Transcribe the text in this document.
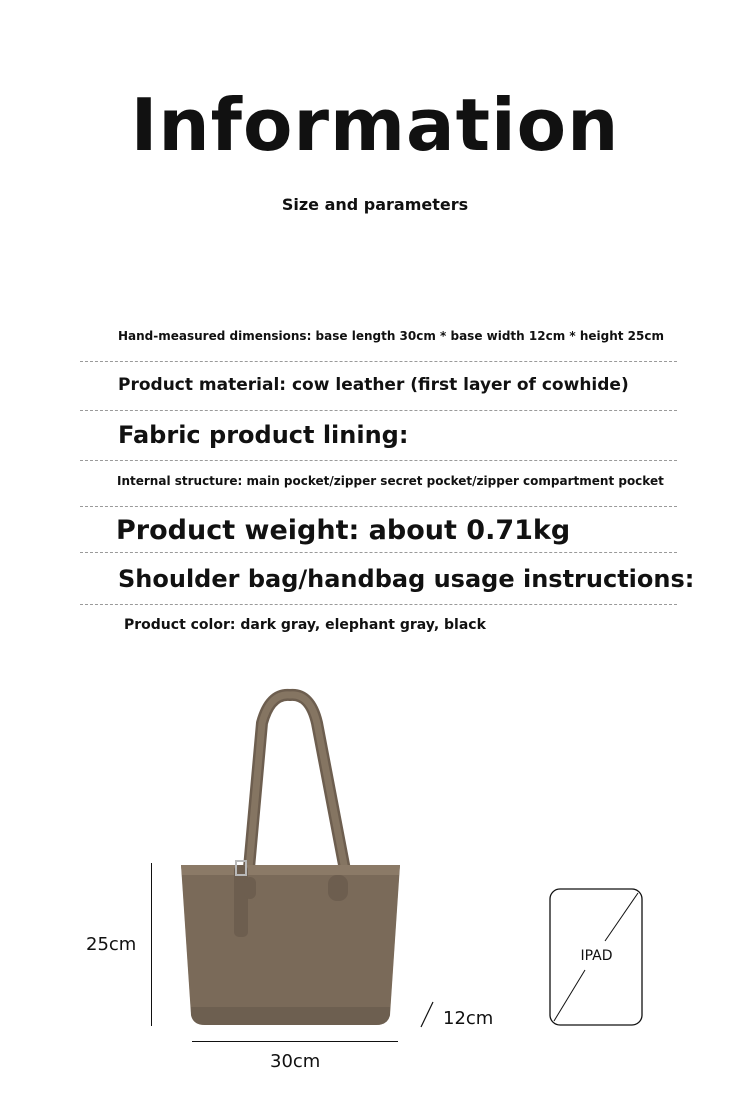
Information
Size and parameters
Hand-measured dimensions: base length 30cm * base width 12cm * height 25cm
Product material: cow leather (first layer of cowhide)
Fabric product lining:
Internal structure: main pocket/zipper secret pocket/zipper compartment pocket
Product weight: about 0.71kg
Shoulder bag/handbag usage instructions:
Product color: dark gray, elephant gray, black
25cm
30cm
12cm
IPAD
